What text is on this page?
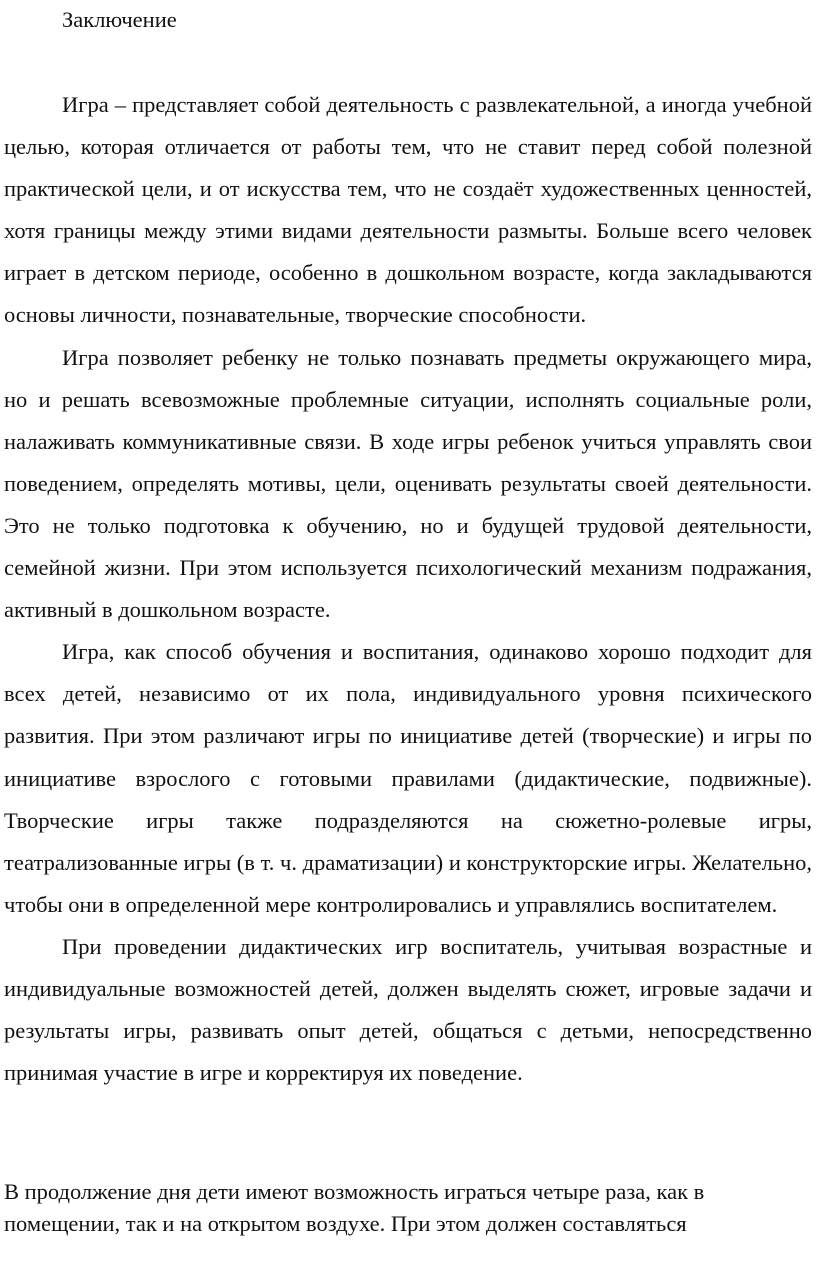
Заключение

Игра – представляет собой деятельность с развлекательной, а иногда учебной целью, которая отличается от работы тем, что не ставит перед собой полезной практической цели, и от искусства тем, что не создаёт художественных ценностей, хотя границы между этими видами деятельности размыты. Больше всего человек играет в детском периоде, особенно в дошкольном возрасте, когда закладываются основы личности, познавательные, творческие способности.

Игра позволяет ребенку не только познавать предметы окружающего мира, но и решать всевозможные проблемные ситуации, исполнять социальные роли, налаживать коммуникативные связи. В ходе игры ребенок учиться управлять свои поведением, определять мотивы, цели, оценивать результаты своей деятельности. Это не только подготовка к обучению, но и будущей трудовой деятельности, семейной жизни. При этом используется психологический механизм подражания, активный в дошкольном возрасте.

Игра, как способ обучения и воспитания, одинаково хорошо подходит для всех детей, независимо от их пола, индивидуального уровня психического развития. При этом различают игры по инициативе детей (творческие) и игры по инициативе взрослого с готовыми правилами (дидактические, подвижные). Творческие игры также подразделяются на сюжетно-ролевые игры, театрализованные игры (в т. ч. драматизации) и конструкторские игры. Желательно, чтобы они в определенной мере контролировались и управлялись воспитателем.

При проведении дидактических игр воспитатель, учитывая возрастные и индивидуальные возможностей детей, должен выделять сюжет, игровые задачи и результаты игры, развивать опыт детей, общаться с детьми, непосредственно принимая участие в игре и корректируя их поведение.

В продолжение дня дети имеют возможность играться четыре раза, как в помещении, так и на открытом воздухе. При этом должен составляться
